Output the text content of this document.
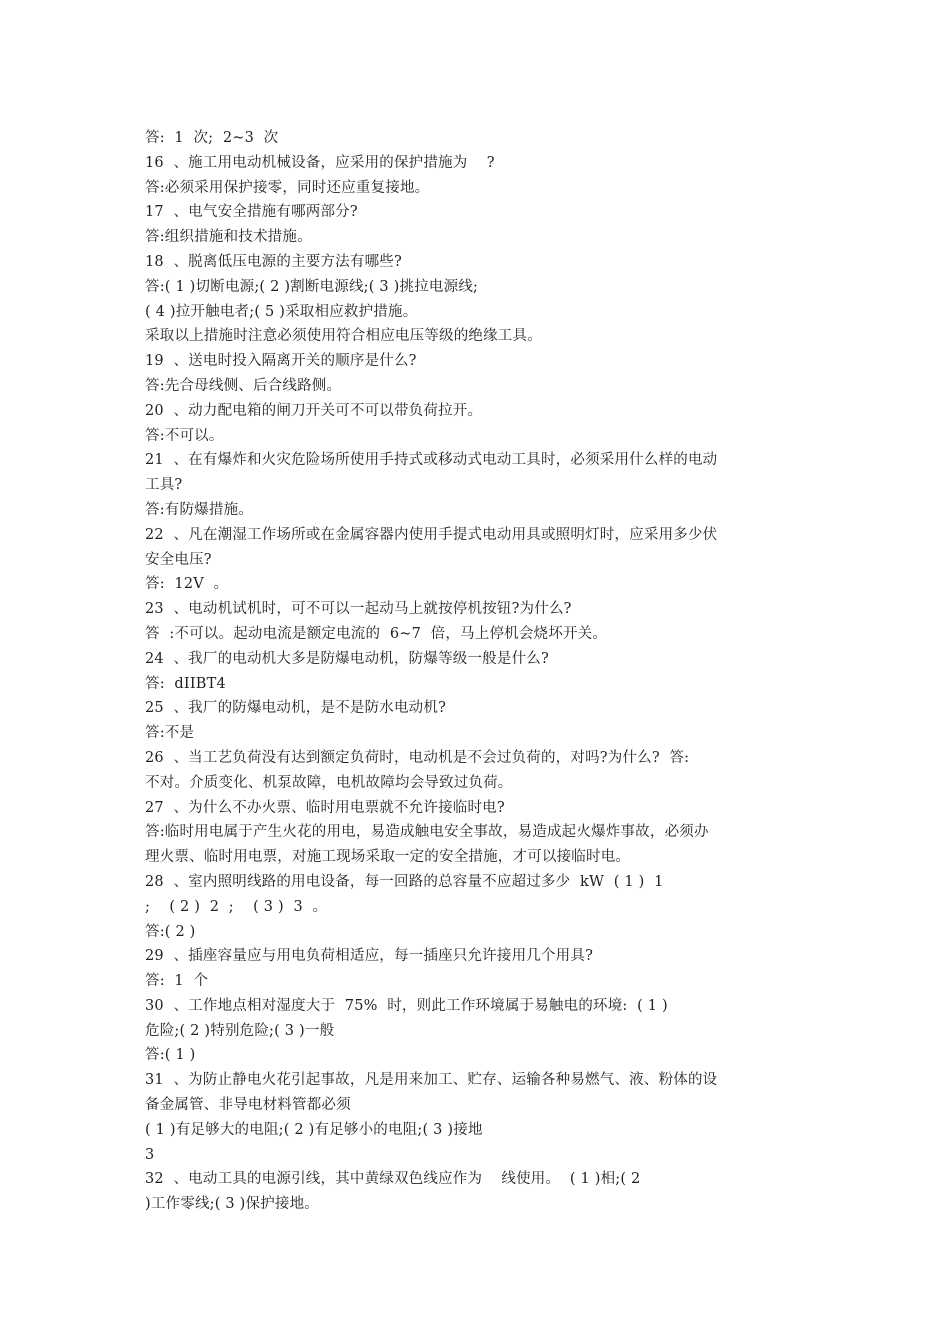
答:  1  次;  2~3  次
16  、施工用电动机械设备，应采用的保护措施为    ?
答:必须采用保护接零，同时还应重复接地。
17  、电气安全措施有哪两部分?
答:组织措施和技术措施。
18  、脱离低压电源的主要方法有哪些?
答:( 1 )切断电源;( 2 )割断电源线;( 3 )挑拉电源线;
( 4 )拉开触电者;( 5 )采取相应救护措施。
采取以上措施时注意必须使用符合相应电压等级的绝缘工具。
19  、送电时投入隔离开关的顺序是什么?
答:先合母线侧、后合线路侧。
20  、动力配电箱的闸刀开关可不可以带负荷拉开。
答:不可以。
21  、在有爆炸和火灾危险场所使用手持式或移动式电动工具时，必须采用什么样的电动
工具?
答:有防爆措施。
22  、凡在潮湿工作场所或在金属容器内使用手提式电动用具或照明灯时，应采用多少伏
安全电压?
答:  12V  。
23  、电动机试机时，可不可以一起动马上就按停机按钮?为什么?
答  :不可以。起动电流是额定电流的  6~7  倍，马上停机会烧坏开关。
24  、我厂的电动机大多是防爆电动机，防爆等级一般是什么?
答:  dIIBT4
25  、我厂的防爆电动机，是不是防水电动机?
答:不是
26  、当工艺负荷没有达到额定负荷时，电动机是不会过负荷的，对吗?为什么?  答:
不对。介质变化、机泵故障，电机故障均会导致过负荷。
27  、为什么不办火票、临时用电票就不允许接临时电?
答:临时用电属于产生火花的用电，易造成触电安全事故，易造成起火爆炸事故，必须办
理火票、临时用电票，对施工现场采取一定的安全措施，才可以接临时电。
28  、室内照明线路的用电设备，每一回路的总容量不应超过多少  kW  ( 1 )  1
;    ( 2 )  2  ;    ( 3 )  3  。
答:( 2 )
29  、插座容量应与用电负荷相适应，每一插座只允许接用几个用具?
答:  1  个
30  、工作地点相对湿度大于  75%  时，则此工作环境属于易触电的环境:  ( 1 )
危险;( 2 )特别危险;( 3 )一般
答:( 1 )
31  、为防止静电火花引起事故，凡是用来加工、贮存、运输各种易燃气、液、粉体的设
备金属管、非导电材料管都必须
( 1 )有足够大的电阻;( 2 )有足够小的电阻;( 3 )接地
3
32  、电动工具的电源引线，其中黄绿双色线应作为    线使用。  ( 1 )相;( 2
)工作零线;( 3 )保护接地。
